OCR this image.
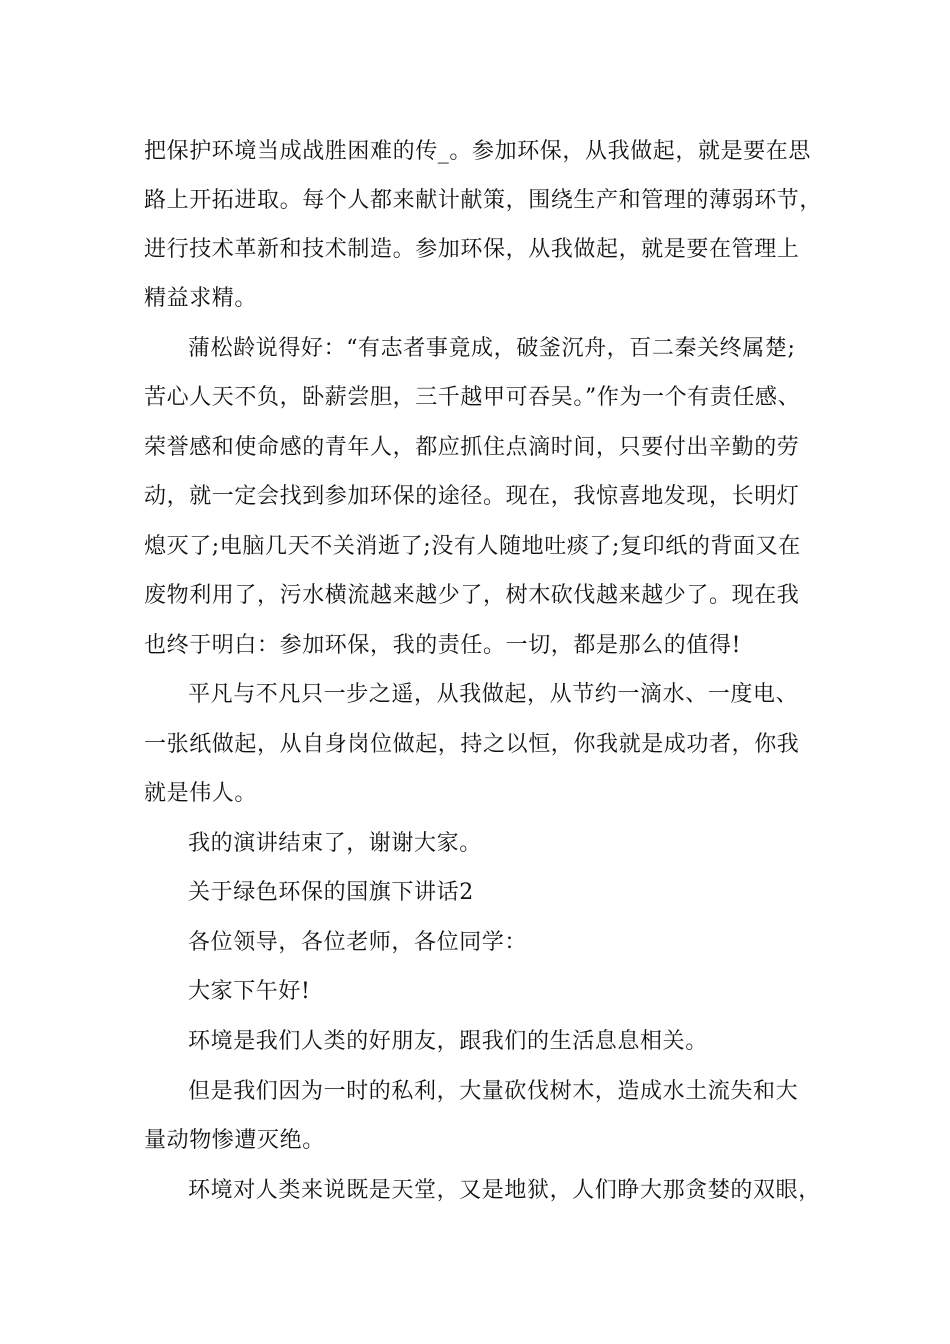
把保护环境当成战胜困难的传_。参加环保，从我做起，就是要在思
路上开拓进取。每个人都来献计献策，围绕生产和管理的薄弱环节，
进行技术革新和技术制造。参加环保，从我做起，就是要在管理上
精益求精。
蒲松龄说得好：“有志者事竟成，破釜沉舟，百二秦关终属楚;
苦心人天不负，卧薪尝胆，三千越甲可吞吴。”作为一个有责任感、
荣誉感和使命感的青年人，都应抓住点滴时间，只要付出辛勤的劳
动，就一定会找到参加环保的途径。现在，我惊喜地发现，长明灯
熄灭了;电脑几天不关消逝了;没有人随地吐痰了;复印纸的背面又在
废物利用了，污水横流越来越少了，树木砍伐越来越少了。现在我
也终于明白：参加环保，我的责任。一切，都是那么的值得!
平凡与不凡只一步之遥，从我做起，从节约一滴水、一度电、
一张纸做起，从自身岗位做起，持之以恒，你我就是成功者，你我
就是伟人。
我的演讲结束了，谢谢大家。
关于绿色环保的国旗下讲话2
各位领导，各位老师，各位同学：
大家下午好!
环境是我们人类的好朋友，跟我们的生活息息相关。
但是我们因为一时的私利，大量砍伐树木，造成水土流失和大
量动物惨遭灭绝。
环境对人类来说既是天堂，又是地狱，人们睁大那贪婪的双眼，
